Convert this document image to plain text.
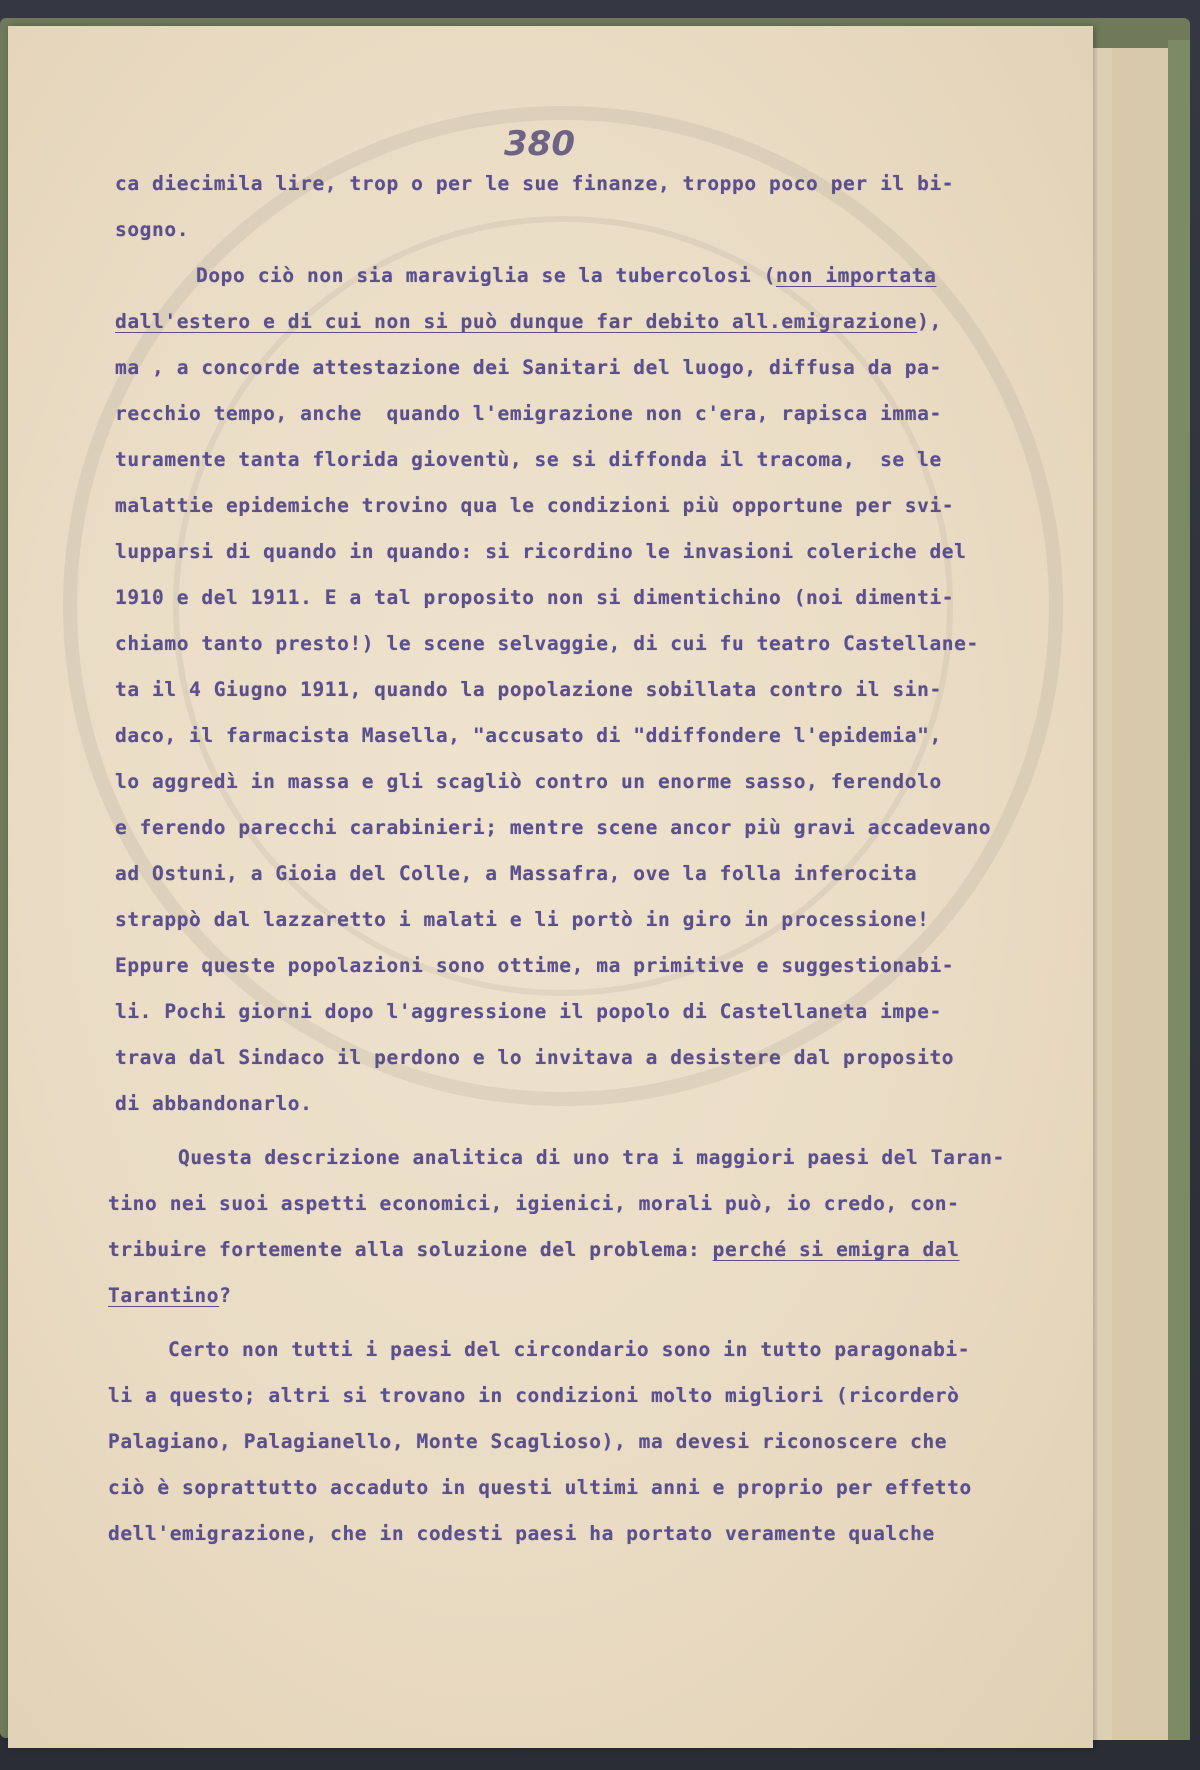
380
ca diecimila lire, trop o per le sue finanze, troppo poco per il bi-
sogno.
Dopo ciò non sia maraviglia se la tubercolosi (non importata
dall'estero e di cui non si può dunque far debito all.emigrazione),
ma , a concorde attestazione dei Sanitari del luogo, diffusa da pa-
recchio tempo, anche  quando l'emigrazione non c'era, rapisca imma-
turamente tanta florida gioventù, se si diffonda il tracoma,  se le
malattie epidemiche trovino qua le condizioni più opportune per svi-
lupparsi di quando in quando: si ricordino le invasioni coleriche del
1910 e del 1911. E a tal proposito non si dimentichino (noi dimenti-
chiamo tanto presto!) le scene selvaggie, di cui fu teatro Castellane-
ta il 4 Giugno 1911, quando la popolazione sobillata contro il sin-
daco, il farmacista Masella, "accusato di "ddiffondere l'epidemia",
lo aggredì in massa e gli scagliò contro un enorme sasso, ferendolo
e ferendo parecchi carabinieri; mentre scene ancor più gravi accadevano
ad Ostuni, a Gioia del Colle, a Massafra, ove la folla inferocita
strappò dal lazzaretto i malati e li portò in giro in processione!
Eppure queste popolazioni sono ottime, ma primitive e suggestionabi-
li. Pochi giorni dopo l'aggressione il popolo di Castellaneta impe-
trava dal Sindaco il perdono e lo invitava a desistere dal proposito
di abbandonarlo.
Questa descrizione analitica di uno tra i maggiori paesi del Taran-
tino nei suoi aspetti economici, igienici, morali può, io credo, con-
tribuire fortemente alla soluzione del problema: perché si emigra dal
Tarantino?
Certo non tutti i paesi del circondario sono in tutto paragonabi-
li a questo; altri si trovano in condizioni molto migliori (ricorderò
Palagiano, Palagianello, Monte Scaglioso), ma devesi riconoscere che
ciò è soprattutto accaduto in questi ultimi anni e proprio per effetto
dell'emigrazione, che in codesti paesi ha portato veramente qualche
